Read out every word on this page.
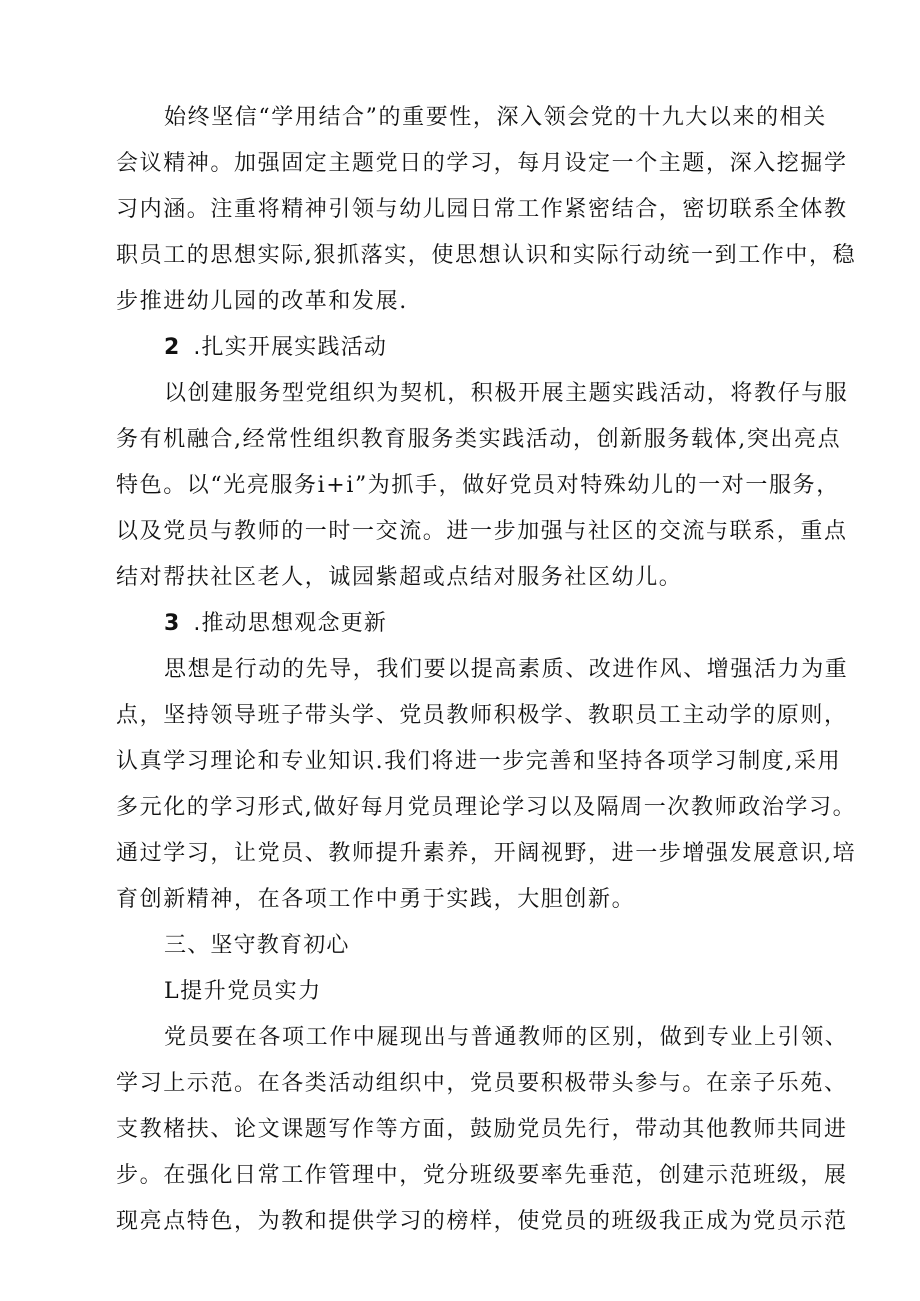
始终坚信“学用结合”的重要性，深入领会党的十九大以来的相关
会议精神。加强固定主题党日的学习，每月设定一个主题，深入挖掘学
习内涵。注重将精神引领与幼儿园日常工作紧密结合，密切联系全体教
职员工的思想实际,狠抓落实，使思想认识和实际行动统一到工作中，稳
步推进幼儿园的改革和发展.
2 .扎实开展实践活动
以创建服务型党组织为契机，积极开展主题实践活动，将教仔与服
务有机融合,经常性组织教育服务类实践活动，创新服务载体,突出亮点
特色。以“光亮服务i+i”为抓手，做好党员对特殊幼儿的一对一服务，
以及党员与教师的一时一交流。进一步加强与社区的交流与联系，重点
结对帮扶社区老人，诚园紫超或点结对服务社区幼儿。
3 .推动思想观念更新
思想是行动的先导，我们要以提高素质、改进作风、增强活力为重
点，坚持领导班子带头学、党员教师积极学、教职员工主动学的原则，
认真学习理论和专业知识.我们将进一步完善和坚持各项学习制度,采用
多元化的学习形式,做好每月党员理论学习以及隔周一次教师政治学习。
通过学习，让党员、教师提升素养，开阔视野，进一步增强发展意识,培
育创新精神，在各项工作中勇于实践，大胆创新。
三、坚守教育初心
L提升党员实力
党员要在各项工作中屣现出与普通教师的区别，做到专业上引领、
学习上示范。在各类活动组织中，党员要积极带头参与。在亲子乐苑、
支教楮扶、论文课题写作等方面，鼓励党员先行，带动其他教师共同进
步。在强化日常工作管理中，党分班级要率先垂范，创建示范班级，展
现亮点特色，为教和提供学习的榜样，使党员的班级我正成为党员示范
